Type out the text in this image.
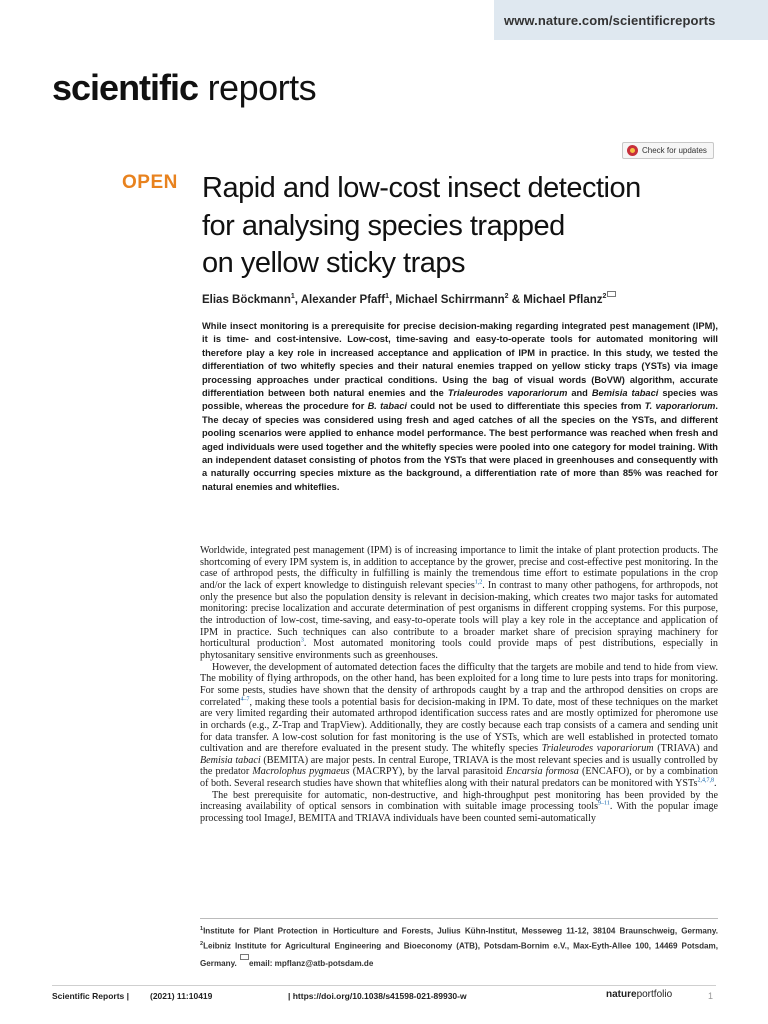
www.nature.com/scientificreports
scientific reports
Check for updates
OPEN Rapid and low-cost insect detection
for analysing species trapped
on yellow sticky traps
Elias Böckmann$^1$, Alexander Pfaff$^1$, Michael Schirrmann$^2$ & Michael Pflanz$^2$
While insect monitoring is a prerequisite for precise decision-making regarding integrated pest management (IPM), it is time- and cost-intensive. Low-cost, time-saving and easy-to-operate tools for automated monitoring will therefore play a key role in increased acceptance and application of IPM in practice. In this study, we tested the differentiation of two whitefly species and their natural enemies trapped on yellow sticky traps (YSTs) via image processing approaches under practical conditions. Using the bag of visual words (BoVW) algorithm, accurate differentiation between both natural enemies and the Trialeurodes vaporariorum and Bemisia tabaci species was possible, whereas the procedure for B. tabaci could not be used to differentiate this species from T. vaporariorum. The decay of species was considered using fresh and aged catches of all the species on the YSTs, and different pooling scenarios were applied to enhance model performance. The best performance was reached when fresh and aged individuals were used together and the whitefly species were pooled into one category for model training. With an independent dataset consisting of photos from the YSTs that were placed in greenhouses and consequently with a naturally occurring species mixture as the background, a differentiation rate of more than 85% was reached for natural enemies and whiteflies.

Worldwide, integrated pest management (IPM) is of increasing importance to limit the intake of plant protection products. The shortcoming of every IPM system is, in addition to acceptance by the grower, precise and cost-effective pest monitoring. In the case of arthropod pests, the difficulty in fulfilling is mainly the tremendous time effort to estimate populations in the crop and/or the lack of expert knowledge to distinguish relevant species$^{1,2}$. In contrast to many other pathogens, for arthropods, not only the presence but also the population density is relevant in decision-making, which creates two major tasks for automated monitoring: precise localization and accurate determination of pest organisms in different cropping systems. For this purpose, the introduction of low-cost, time-saving, and easy-to-operate tools will play a key role in the acceptance and application of IPM in practice. Such techniques can also contribute to a broader market share of precision spraying machinery for horticultural production$^3$. Most automated monitoring tools could provide maps of pest distributions, especially in phytosanitary sensitive environments such as greenhouses.

However, the development of automated detection faces the difficulty that the targets are mobile and tend to hide from view. The mobility of flying arthropods, on the other hand, has been exploited for a long time to lure pests into traps for monitoring. For some pests, studies have shown that the density of arthropods caught by a trap and the arthropod densities on crops are correlated$^{4-7}$, making these tools a potential basis for decision-making in IPM. To date, most of these techniques on the market are very limited regarding their automated arthropod identification success rates and are mostly optimized for pheromone use in orchards (e.g., Z-Trap and TrapView). Additionally, they are costly because each trap consists of a camera and sending unit for data transfer. A low-cost solution for fast monitoring is the use of YSTs, which are well established in protected tomato cultivation and are therefore evaluated in the present study. The whitefly species Trialeurodes vaporariorum (TRIAVA) and Bemisia tabaci (BEMITA) are major pests. In central Europe, TRIAVA is the most relevant species and is usually controlled by the predator Macrolophus pygmaeus (MACRPY), by the larval parasitoid Encarsia formosa (ENCAFO), or by a combination of both. Several research studies have shown that whiteflies along with their natural predators can be monitored with YSTs$^{2,4,7,8}$.

The best prerequisite for automatic, non-destructive, and high-throughput pest monitoring has been provided by the increasing availability of optical sensors in combination with suitable image processing tools$^{9-11}$. With the popular image processing tool ImageJ, BEMITA and TRIAVA individuals have been counted semi-automatically

$^1$Institute for Plant Protection in Horticulture and Forests, Julius Kühn-Institut, Messeweg 11-12, 38104 Braunschweig, Germany. $^2$Leibniz Institute for Agricultural Engineering and Bioeconomy (ATB), Potsdam-Bornim e.V., Max-Eyth-Allee 100, 14469 Potsdam, Germany. email: mpflanz@atb-potsdam.de
Scientific Reports | (2021) 11:10419	| https://doi.org/10.1038/s41598-021-89930-w	natureportfolio	1
